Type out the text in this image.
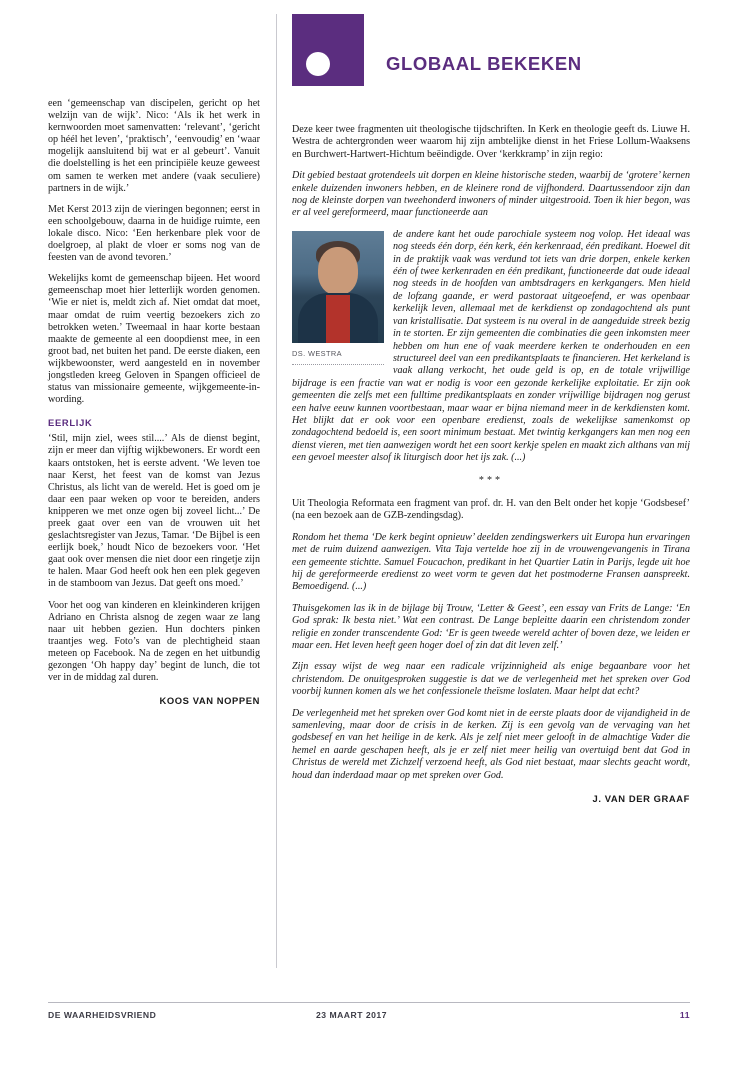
GLOBAAL BEKEKEN

een ‘gemeenschap van discipelen, gericht op het welzijn van de wijk’. Nico: ‘Als ik het werk in kernwoorden moet samenvatten: ‘relevant’, ‘gericht op héél het leven’, ‘praktisch’, ‘eenvoudig’ en ‘waar mogelijk aansluitend bij wat er al gebeurt’. Vanuit die doelstelling is het een principiële keuze geweest om samen te werken met andere (vaak seculiere) partners in de wijk.’

Met Kerst 2013 zijn de vieringen begonnen; eerst in een schoolgebouw, daarna in de huidige ruimte, een lokale disco. Nico: ‘Een herkenbare plek voor de doelgroep, al plakt de vloer er soms nog van de feesten van de avond tevoren.’

Wekelijks komt de gemeenschap bijeen. Het woord gemeenschap moet hier letterlijk worden genomen. ‘Wie er niet is, meldt zich af. Niet omdat dat moet, maar omdat de ruim veertig bezoekers zich zo betrokken weten.’ Tweemaal in haar korte bestaan maakte de gemeente al een doopdienst mee, in een groot bad, net buiten het pand. De eerste diaken, een wijkbewoonster, werd aangesteld en in november jongstleden kreeg Geloven in Spangen officieel de status van missionaire gemeente, wijkgemeente-in-wording.

EERLIJK

‘Stil, mijn ziel, wees stil....’ Als de dienst begint, zijn er meer dan vijftig wijkbewoners. Er wordt een kaars ontstoken, het is eerste advent. ‘We leven toe naar Kerst, het feest van de komst van Jezus Christus, als licht van de wereld. Het is goed om je daar een paar weken op voor te bereiden, anders knipperen we met onze ogen bij zoveel licht...’ De preek gaat over een van de vrouwen uit het geslachtsregister van Jezus, Tamar. ‘De Bijbel is een eerlijk boek,’ houdt Nico de bezoekers voor. ‘Het gaat ook over mensen die niet door een ringetje zijn te halen. Maar God heeft ook hen een plek gegeven in de stamboom van Jezus. Dat geeft ons moed.’

Voor het oog van kinderen en kleinkinderen krijgen Adriano en Christa alsnog de zegen waar ze lang naar uit hebben gezien. Hun dochters pinken traantjes weg. Foto’s van de plechtigheid staan meteen op Facebook. Na de zegen en het uitbundig gezongen ‘Oh happy day’ begint de lunch, die tot ver in de middag zal duren.

KOOS VAN NOPPEN

Deze keer twee fragmenten uit theologische tijdschriften. In Kerk en theologie geeft ds. Liuwe H. Westra de achtergronden weer waarom hij zijn ambtelijke dienst in het Friese Lollum-Waaksens en Burchwert-Hartwert-Hichtum beëindigde. Over ‘kerkkramp’ in zijn regio:

Dit gebied bestaat grotendeels uit dorpen en kleine historische steden, waarbij de ‘grotere’ kernen enkele duizenden inwoners hebben, en de kleinere rond de vijfhonderd. Daartussendoor zijn dan nog de kleinste dorpen van tweehonderd inwoners of minder uitgestrooid. Toen ik hier begon, was er al veel gereformeerd, maar functioneerde aan

DS. WESTRA

de andere kant het oude parochiale systeem nog volop. Het ideaal was nog steeds één dorp, één kerk, één kerkenraad, één predikant. Hoewel dit in de praktijk vaak was verdund tot iets van drie dorpen, enkele kerken één of twee kerkenraden en één predikant, functioneerde dat oude ideaal nog steeds in de hoofden van ambtsdragers en kerkgangers. Men hield de lofzang gaande, er werd pastoraat uitgeoefend, er was openbaar kerkelijk leven, allemaal met de kerkdienst op zondagochtend als punt van kristallisatie. Dat systeem is nu overal in de aangeduide streek bezig in te storten. Er zijn gemeenten die combinaties die geen inkomsten meer hebben om hun ene of vaak meerdere kerken te onderhouden en een structureel deel van een predikantsplaats te financieren. Het kerkeland is vaak allang verkocht, het oude geld is op, en de totale vrijwillige bijdrage is een fractie van wat er nodig is voor een gezonde kerkelijke exploitatie. Er zijn ook gemeenten die zelfs met een fulltime predikantsplaats en zonder vrijwillige bijdragen nog gerust een halve eeuw kunnen voortbestaan, maar waar er bijna niemand meer in de kerkdiensten komt. Het blijkt dat er ook voor een openbare eredienst, zoals de wekelijkse samenkomst op zondagochtend bedoeld is, een soort minimum bestaat. Met twintig kerkgangers kan men nog een dienst vieren, met tien aanwezigen wordt het een soort kerkje spelen en maakt zich althans van mij een gevoel meester alsof ik liturgisch door het ijs zak. (...)

***

Uit Theologia Reformata een fragment van prof. dr. H. van den Belt onder het kopje ‘Godsbesef’ (na een bezoek aan de GZB-zendingsdag).

Rondom het thema ‘De kerk begint opnieuw’ deelden zendingswerkers uit Europa hun ervaringen met de ruim duizend aanwezigen. Vita Taja vertelde hoe zij in de vrouwengevangenis in Tirana een gemeente stichtte. Samuel Foucachon, predikant in het Quartier Latin in Parijs, legde uit hoe hij de gereformeerde eredienst zo weet vorm te geven dat het postmoderne Fransen aanspreekt. Bemoedigend. (...)

Thuisgekomen las ik in de bijlage bij Trouw, ‘Letter & Geest’, een essay van Frits de Lange: ‘En God sprak: Ik besta niet.’ Wat een contrast. De Lange bepleitte daarin een christendom zonder religie en zonder transcendente God: ‘Er is geen tweede wereld achter of boven deze, we leiden er maar een. Het leven heeft geen hoger doel of zin dat dit leven zelf.’

Zijn essay wijst de weg naar een radicale vrijzinnigheid als enige begaanbare voor het christendom. De onuitgesproken suggestie is dat we de verlegenheid met het spreken over God voorbij kunnen komen als we het confessionele theïsme loslaten. Maar helpt dat echt?

De verlegenheid met het spreken over God komt niet in de eerste plaats door de vijandigheid in de samenleving, maar door de crisis in de kerken. Zij is een gevolg van de vervaging van het godsbesef en van het heilige in de kerk. Als je zelf niet meer gelooft in de almachtige Vader die hemel en aarde geschapen heeft, als je er zelf niet meer heilig van overtuigd bent dat God in Christus de wereld met Zichzelf verzoend heeft, als God niet bestaat, maar slechts geacht wordt, houd dan inderdaad maar op met spreken over God.

J. VAN DER GRAAF
DE WAARHEIDSVRIEND	23 MAART 2017	11
